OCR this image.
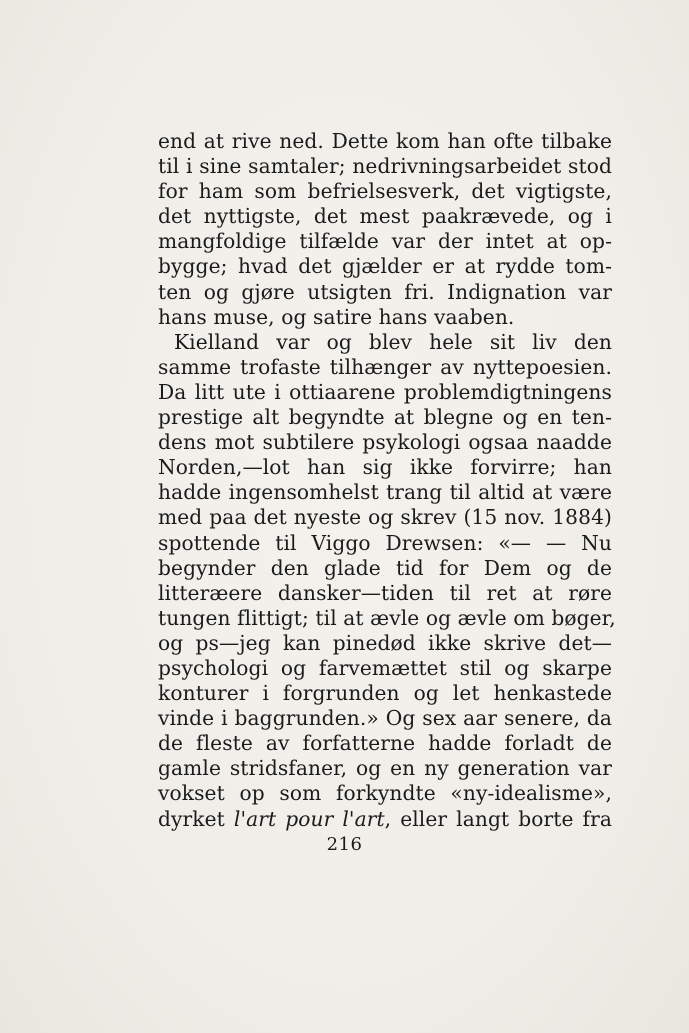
end at rive ned. Dette kom han ofte tilbake
til i sine samtaler; nedrivningsarbeidet stod
for ham som befrielsesverk, det vigtigste,
det nyttigste, det mest paakrævede, og i
mangfoldige tilfælde var der intet at op-
bygge; hvad det gjælder er at rydde tom-
ten og gjøre utsigten fri. Indignation var
hans muse, og satire hans vaaben.
Kielland var og blev hele sit liv den
samme trofaste tilhænger av nyttepoesien.
Da litt ute i ottiaarene problemdigtningens
prestige alt begyndte at blegne og en ten-
dens mot subtilere psykologi ogsaa naadde
Norden,—lot han sig ikke forvirre; han
hadde ingensomhelst trang til altid at være
med paa det nyeste og skrev (15 nov. 1884)
spottende til Viggo Drewsen: «— — Nu
begynder den glade tid for Dem og de
litteræere dansker—tiden til ret at røre
tungen flittigt; til at ævle og ævle om bøger,
og ps—jeg kan pinedød ikke skrive det—
psychologi og farvemættet stil og skarpe
konturer i forgrunden og let henkastede
vinde i baggrunden.» Og sex aar senere, da
de fleste av forfatterne hadde forladt de
gamle stridsfaner, og en ny generation var
vokset op som forkyndte «ny-idealisme»,
dyrket l'art pour l'art, eller langt borte fra
216
